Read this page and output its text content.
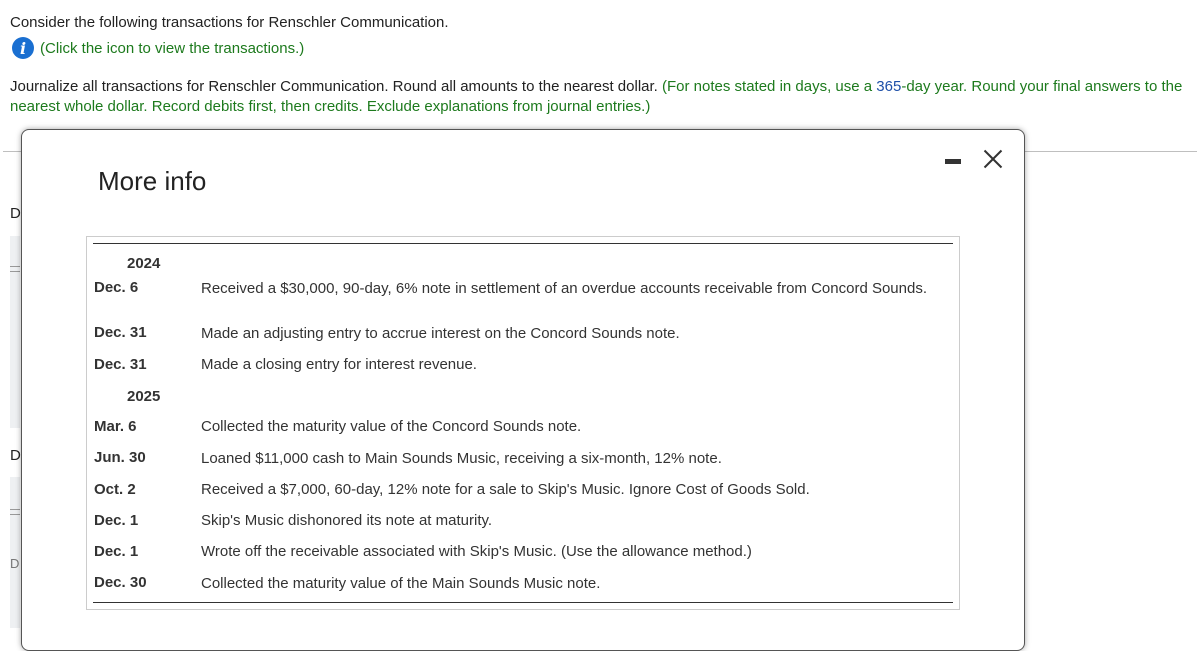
Consider the following transactions for Renschler Communication.
i (Click the icon to view the transactions.)
Journalize all transactions for Renschler Communication. Round all amounts to the nearest dollar. (For notes stated in days, use a 365-day year. Round your final answers to the nearest whole dollar. Record debits first, then credits. Exclude explanations from journal entries.)
D
D
D
More info
2024
Dec. 6	Received a $30,000, 90-day, 6% note in settlement of an overdue accounts receivable from Concord Sounds.
Dec. 31	Made an adjusting entry to accrue interest on the Concord Sounds note.
Dec. 31	Made a closing entry for interest revenue.
2025
Mar. 6	Collected the maturity value of the Concord Sounds note.
Jun. 30	Loaned $11,000 cash to Main Sounds Music, receiving a six-month, 12% note.
Oct. 2	Received a $7,000, 60-day, 12% note for a sale to Skip's Music. Ignore Cost of Goods Sold.
Dec. 1	Skip's Music dishonored its note at maturity.
Dec. 1	Wrote off the receivable associated with Skip's Music. (Use the allowance method.)
Dec. 30	Collected the maturity value of the Main Sounds Music note.
